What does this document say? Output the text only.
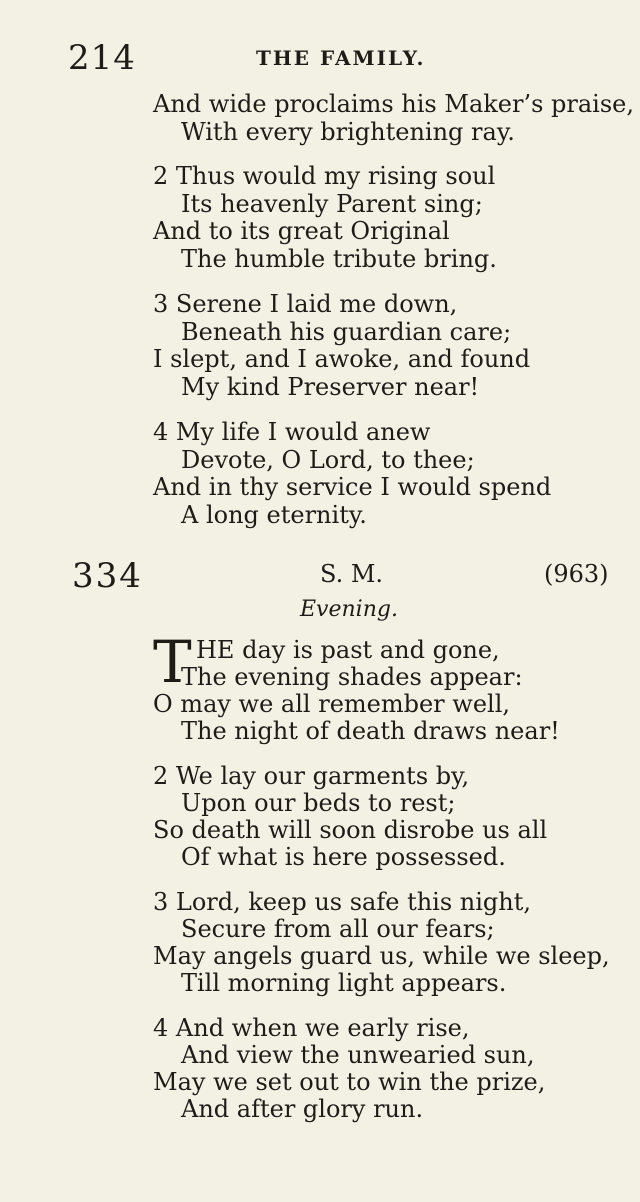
214	THE FAMILY.
And wide proclaims his Maker’s praise,
With every brightening ray.
2 Thus would my rising soul
Its heavenly Parent sing;
And to its great Original
The humble tribute bring.
3 Serene I laid me down,
Beneath his guardian care;
I slept, and I awoke, and found
My kind Preserver near!
4 My life I would anew
Devote, O Lord, to thee;
And in thy service I would spend
A long eternity.
334	S. M.	(963)
Evening.
T HE day is past and gone,
The evening shades appear:
O may we all remember well,
The night of death draws near!
2 We lay our garments by,
Upon our beds to rest;
So death will soon disrobe us all
Of what is here possessed.
3 Lord, keep us safe this night,
Secure from all our fears;
May angels guard us, while we sleep,
Till morning light appears.
4 And when we early rise,
And view the unwearied sun,
May we set out to win the prize,
And after glory run.
